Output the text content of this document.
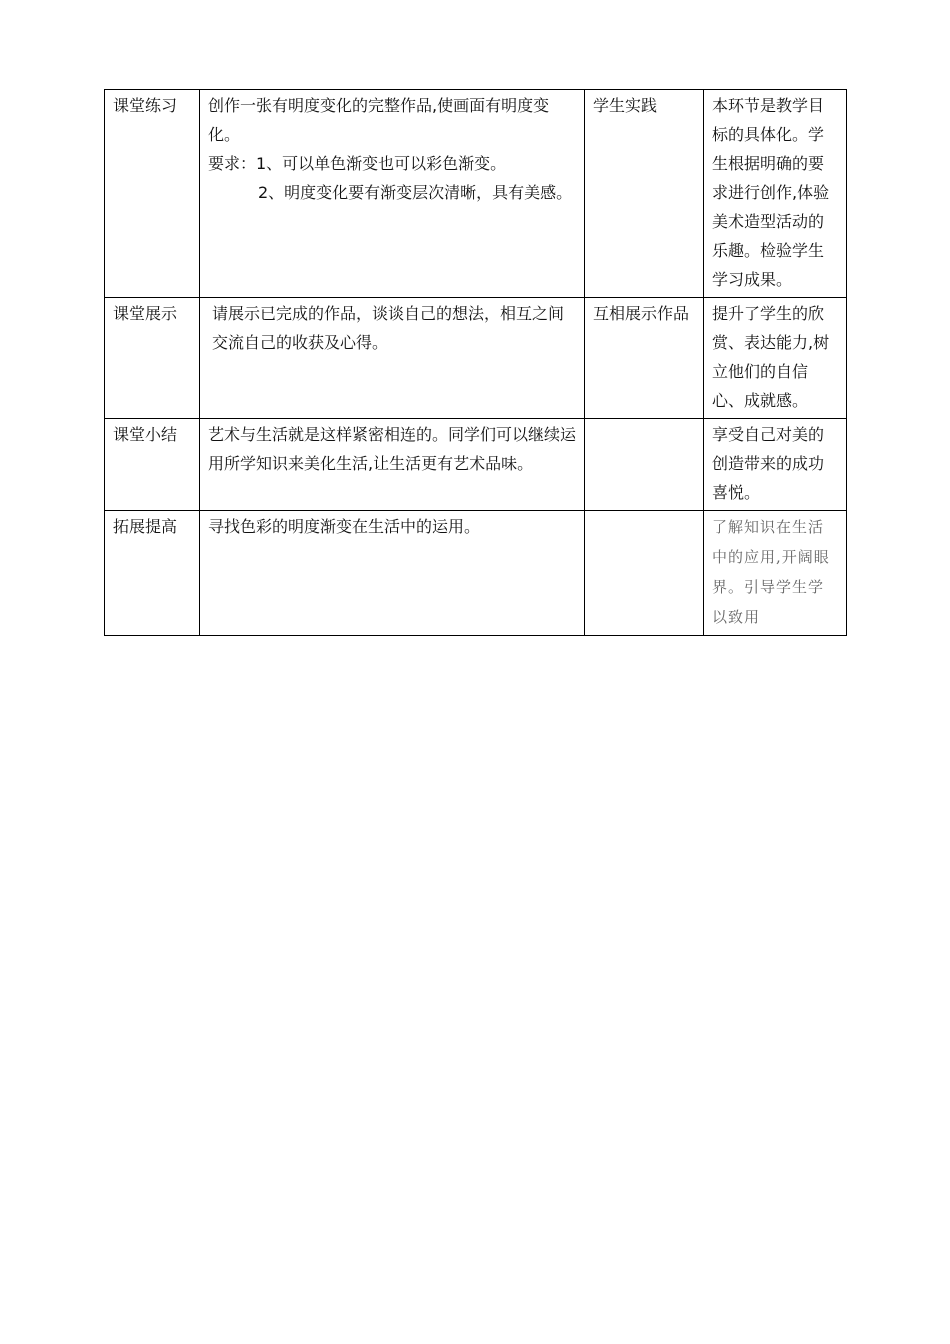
课堂练习	创作一张有明度变化的完整作品,使画面有明度变化。
要求：1、可以单色渐变也可以彩色渐变。
2、明度变化要有渐变层次清晰，具有美感。	学生实践	本环节是教学目标的具体化。学生根据明确的要求进行创作,体验美术造型活动的乐趣。检验学生学习成果。
课堂展示	请展示已完成的作品，谈谈自己的想法，相互之间交流自己的收获及心得。	互相展示作品	提升了学生的欣赏、表达能力,树立他们的自信心、成就感。
课堂小结	艺术与生活就是这样紧密相连的。同学们可以继续运用所学知识来美化生活,让生活更有艺术品味。		享受自己对美的创造带来的成功喜悦。
拓展提高	寻找色彩的明度渐变在生活中的运用。		了解知识在生活中的应用,开阔眼界。引导学生学以致用
